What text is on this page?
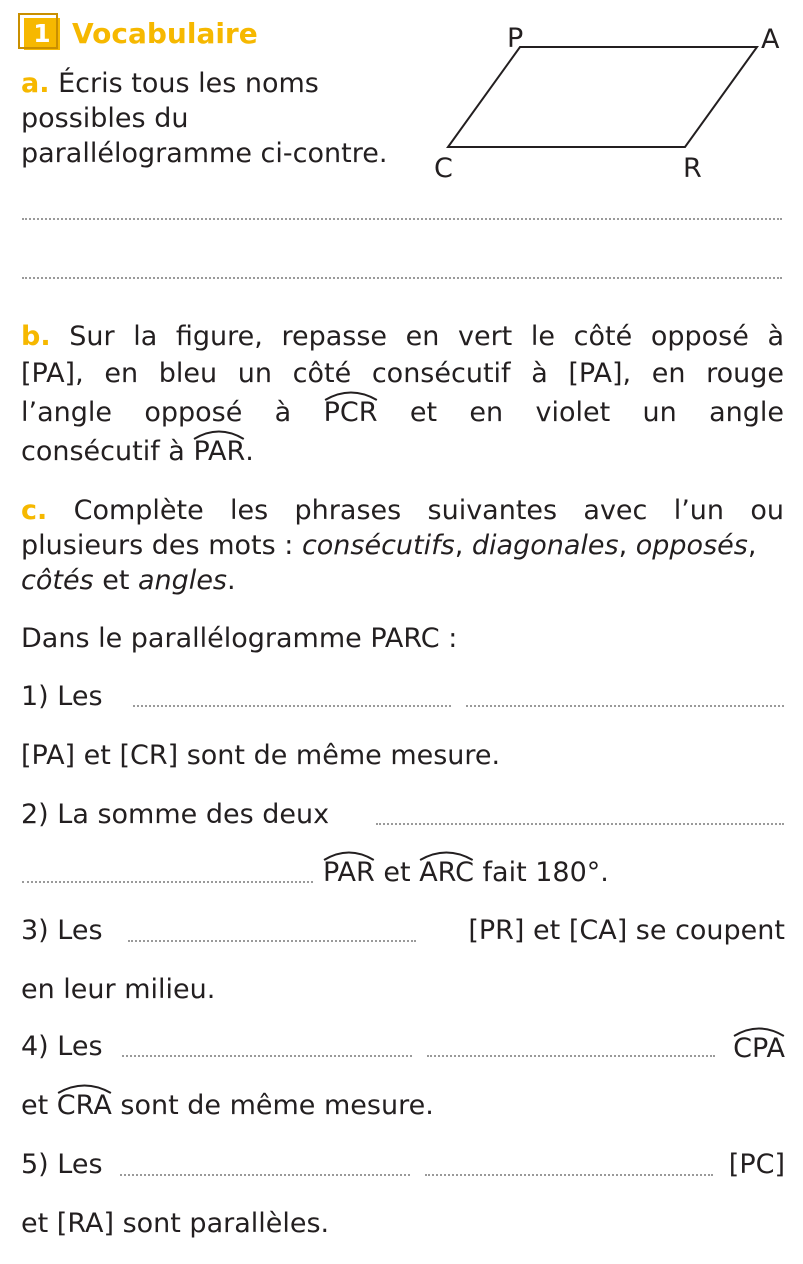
1 Vocabulaire
a. Écris tous les noms
possibles du
parallélogramme ci-contre.
P	A
C	R
b. Sur la figure, repasse en vert le côté opposé à
[PA], en bleu un côté consécutif à [PA], en rouge
l’angle opposé à PCR et en violet un angle
consécutif à PAR.
c. Complète les phrases suivantes avec l’un ou
plusieurs des mots : consécutifs, diagonales, opposés,
côtés et angles.
Dans le parallélogramme PARC :
1) Les
[PA] et [CR] sont de même mesure.
2) La somme des deux
PAR et ARC fait 180°.
3) Les	[PR] et [CA] se coupent
en leur milieu.
4) Les	CPA
et CRA sont de même mesure.
5) Les	[PC]
et [RA] sont parallèles.
